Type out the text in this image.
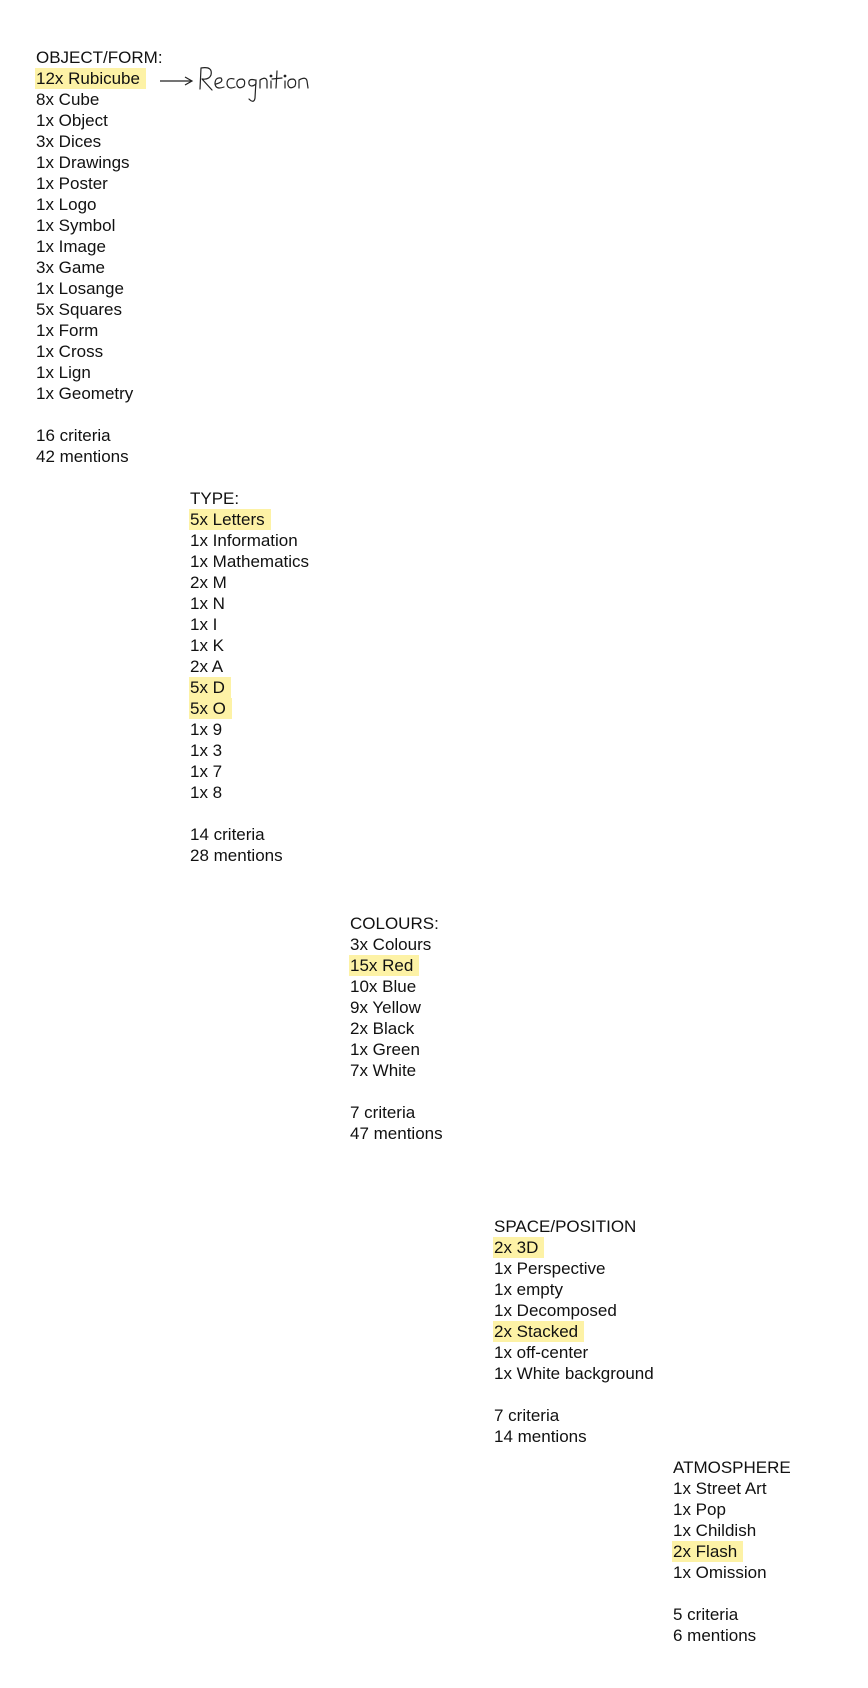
OBJECT/FORM:
12x Rubicube
8x Cube
1x Object
3x Dices
1x Drawings
1x Poster
1x Logo
1x Symbol
1x Image
3x Game
1x Losange
5x Squares
1x Form
1x Cross
1x Lign
1x Geometry
16 criteria
42 mentions
TYPE:
5x Letters
1x Information
1x Mathematics
2x M
1x N
1x I
1x K
2x A
5x D
5x O
1x 9
1x 3
1x 7
1x 8
14 criteria
28 mentions
COLOURS:
3x Colours
15x Red
10x Blue
9x Yellow
2x Black
1x Green
7x White
7 criteria
47 mentions
SPACE/POSITION
2x 3D
1x Perspective
1x empty
1x Decomposed
2x Stacked
1x off-center
1x White background
7 criteria
14 mentions
ATMOSPHERE
1x Street Art
1x Pop
1x Childish
2x Flash
1x Omission
5 criteria
6 mentions
